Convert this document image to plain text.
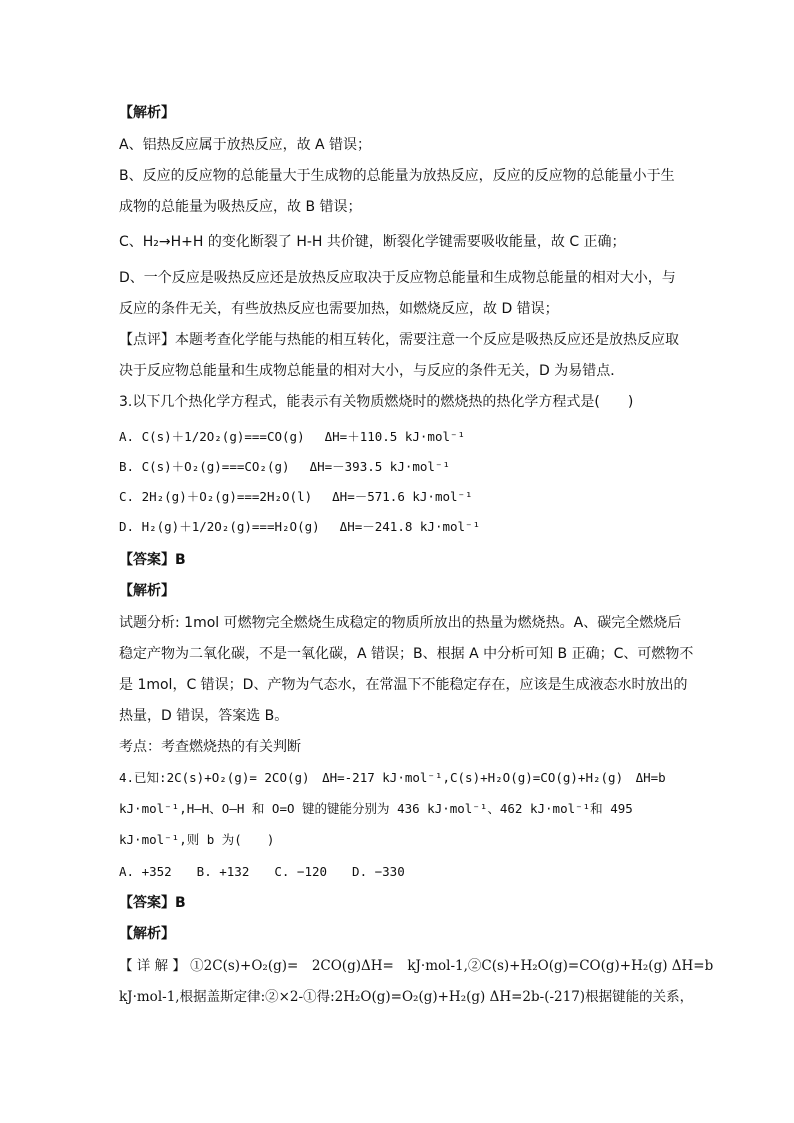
【解析】
A、铝热反应属于放热反应，故 A 错误；
B、反应的反应物的总能量大于生成物的总能量为放热反应，反应的反应物的总能量小于生
成物的总能量为吸热反应，故 B 错误；
C、H₂→H+H 的变化断裂了 H-H 共价键，断裂化学键需要吸收能量，故 C 正确；
D、一个反应是吸热反应还是放热反应取决于反应物总能量和生成物总能量的相对大小，与
反应的条件无关，有些放热反应也需要加热，如燃烧反应，故 D 错误；
【点评】本题考查化学能与热能的相互转化，需要注意一个反应是吸热反应还是放热反应取
决于反应物总能量和生成物总能量的相对大小，与反应的条件无关，D 为易错点．
3.以下几个热化学方程式，能表示有关物质燃烧时的燃烧热的热化学方程式是(　　)
A. C(s)＋1/2O₂(g)===CO(g)　 ΔH=＋110.5 kJ·mol⁻¹
B. C(s)＋O₂(g)===CO₂(g)　 ΔH=－393.5 kJ·mol⁻¹
C. 2H₂(g)＋O₂(g)===2H₂O(l)　 ΔH=－571.6 kJ·mol⁻¹
D. H₂(g)＋1/2O₂(g)===H₂O(g)　 ΔH=－241.8 kJ·mol⁻¹
【答案】B
【解析】
试题分析: 1mol 可燃物完全燃烧生成稳定的物质所放出的热量为燃烧热。A、碳完全燃烧后
稳定产物为二氧化碳，不是一氧化碳，A 错误；B、根据 A 中分析可知 B 正确；C、可燃物不
是 1mol，C 错误；D、产物为气态水，在常温下不能稳定存在，应该是生成液态水时放出的
热量，D 错误，答案选 B。
考点：考查燃烧热的有关判断
4.已知:2C(s)+O₂(g)= 2CO(g)　ΔH=-217 kJ·mol⁻¹,C(s)+H₂O(g)=CO(g)+H₂(g)　ΔH=b
kJ·mol⁻¹,H—H、O—H 和 O=O 键的键能分别为 436 kJ·mol⁻¹、462 kJ·mol⁻¹和 495
kJ·mol⁻¹,则 b 为(　　)
A. +352　　B. +132　　C. −120　　D. −330
【答案】B
【解析】
【 详 解 】 ①2C(s)+O₂(g)=　2CO(g)ΔH=　kJ·mol-1,②C(s)+H₂O(g)=CO(g)+H₂(g) ΔH=b
kJ·mol-1,根据盖斯定律:②×2-①得:2H₂O(g)=O₂(g)+H₂(g) ΔH=2b-(-217)根据键能的关系，
